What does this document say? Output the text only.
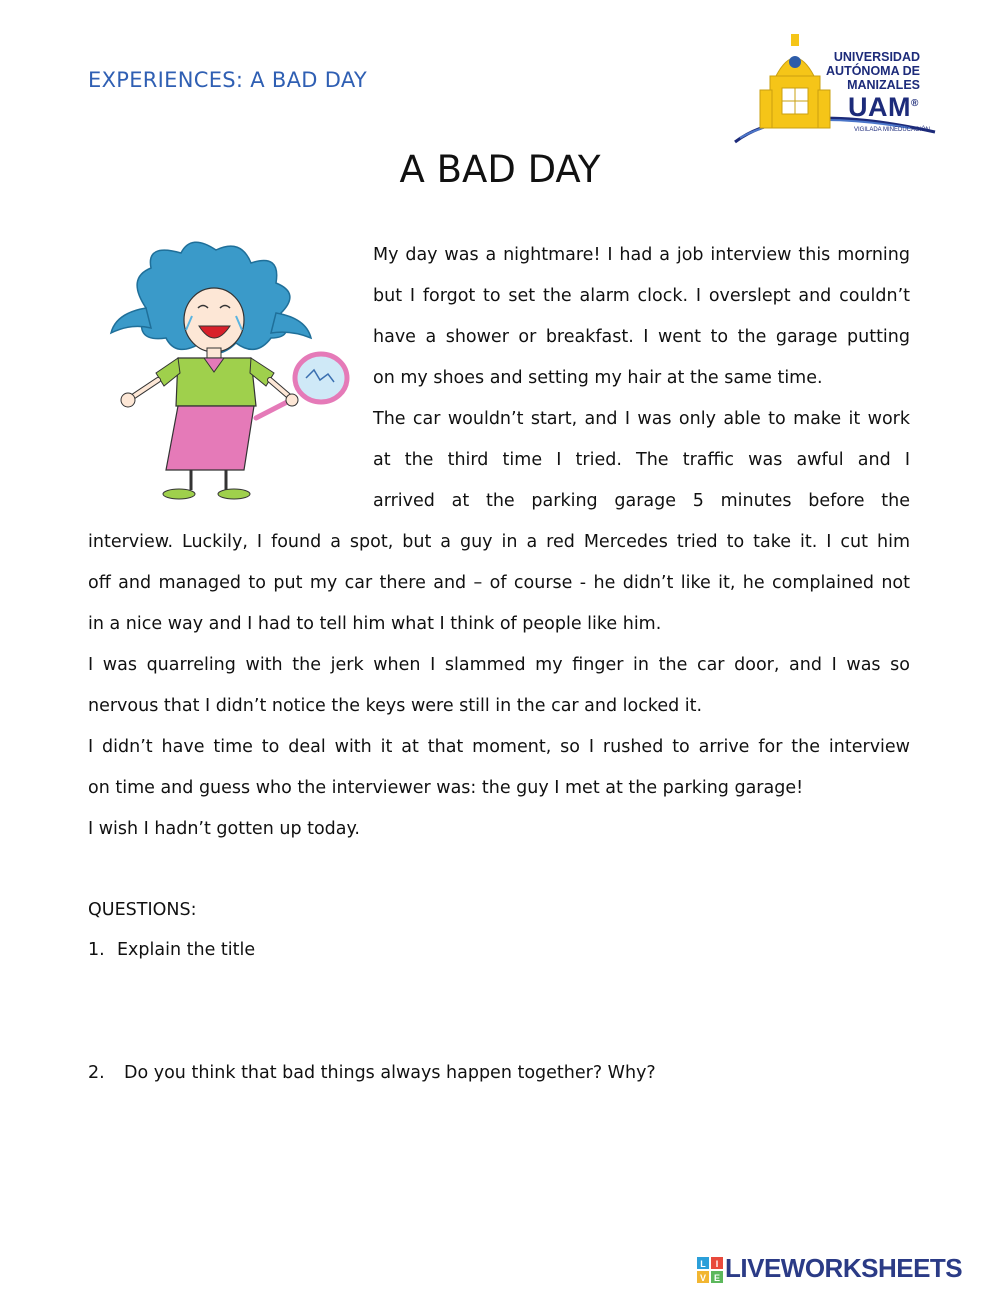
EXPERIENCES: A BAD DAY
UNIVERSIDAD
AUTÓNOMA DE
MANIZALES
UAM®
VIGILADA MINEDUCACIÓN
A BAD DAY
My day was a nightmare! I had a job interview this morning
but I forgot to set the alarm clock. I overslept and couldn’t
have a shower or breakfast. I went to the garage putting
on my shoes and setting my hair at the same time.
The car wouldn’t start, and I was only able to make it work
at the third time I tried. The traffic was awful and I
arrived at the parking garage 5 minutes before the
interview. Luckily, I found a spot, but a guy in a red Mercedes tried to take it. I cut him
off and managed to put my car there and – of course - he didn’t like it, he complained not
in a nice way and I had to tell him what I think of people like him.
I was quarreling with the jerk when I slammed my finger in the car door, and I was so
nervous that I didn’t notice the keys were still in the car and locked it.
I didn’t have time to deal with it at that moment, so I rushed to arrive for the interview
on time and guess who the interviewer was: the guy I met at the parking garage!
I wish I hadn’t gotten up today.
QUESTIONS:
1. Explain the title
2. Do you think that bad things always happen together? Why?
L I
V E LIVEWORKSHEETS
